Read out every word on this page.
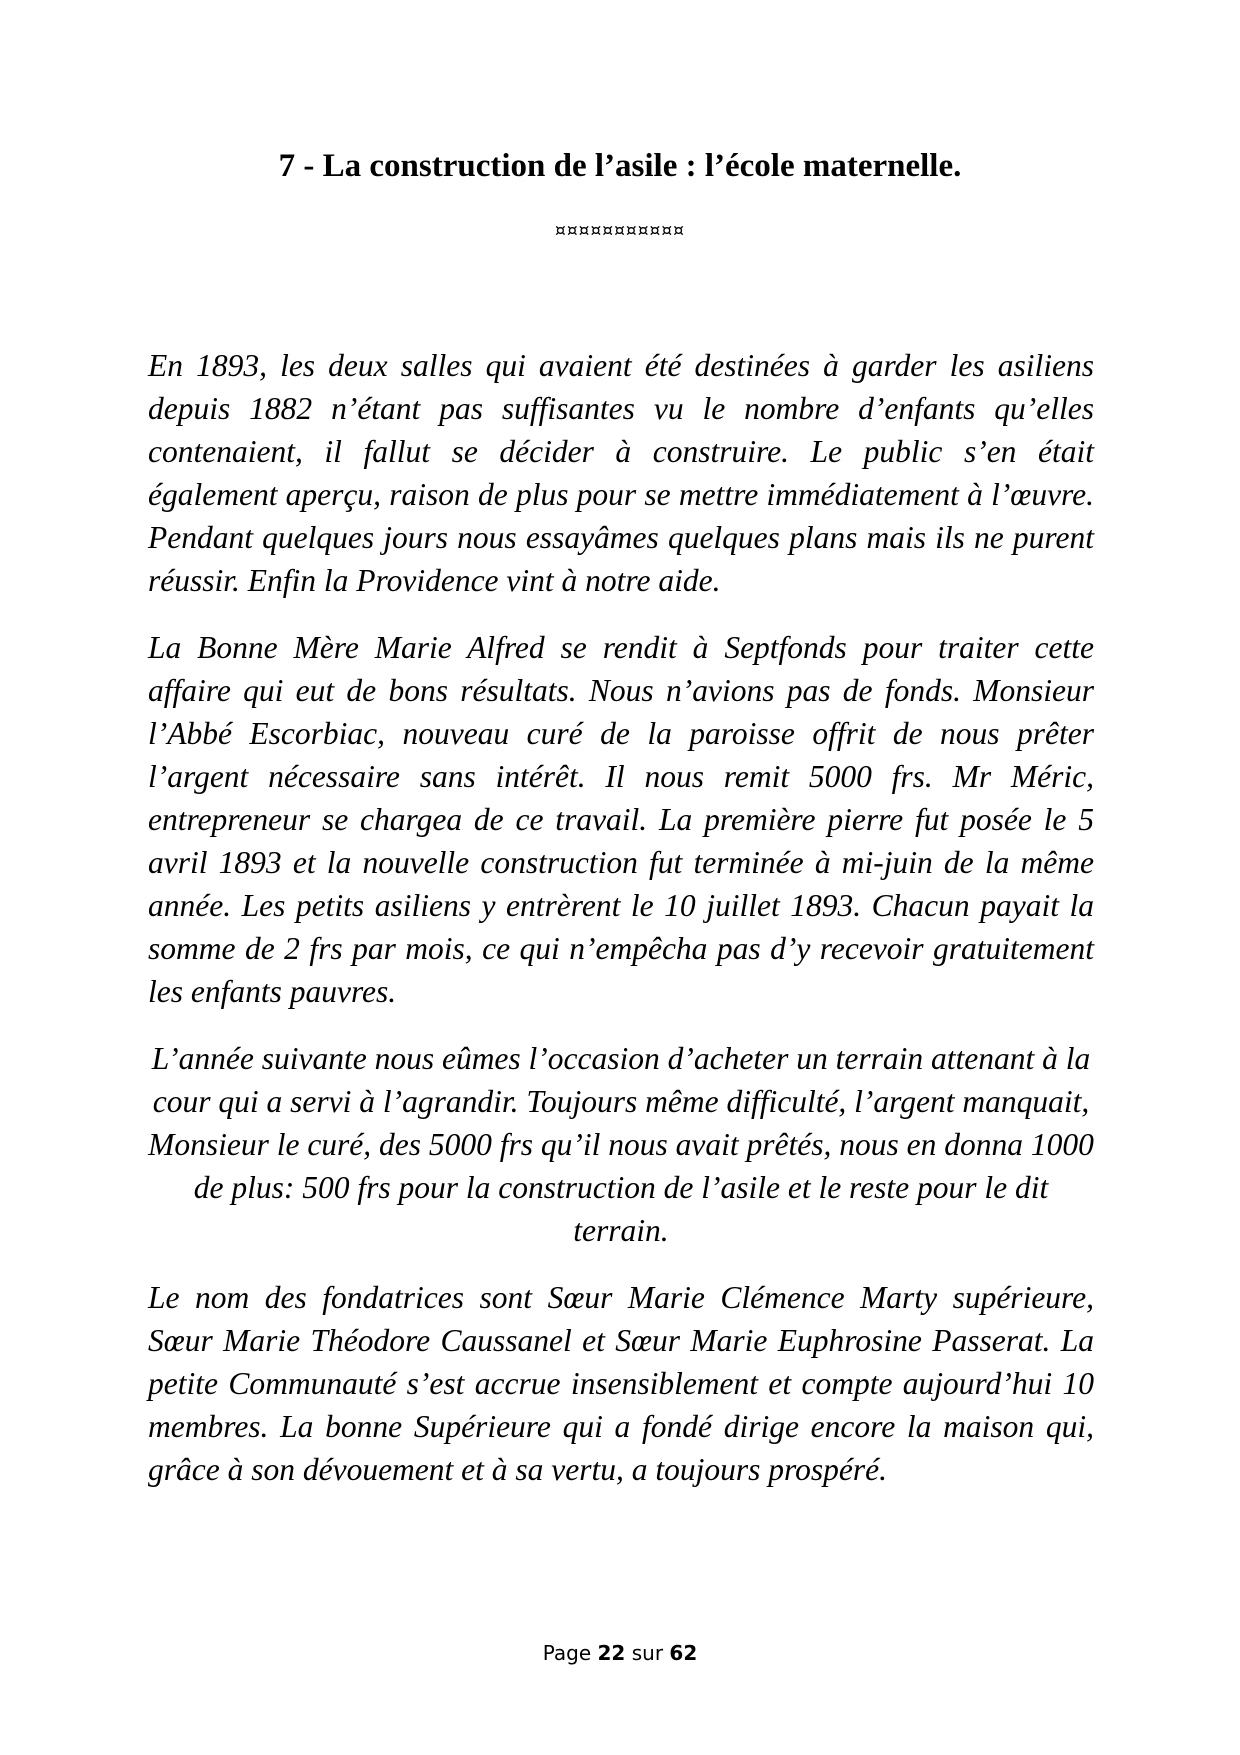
7 - La construction de l’asile : l’école maternelle.
¤¤¤¤¤¤¤¤¤¤¤

En 1893, les deux salles qui avaient été destinées à garder les asiliens depuis 1882 n’étant pas suffisantes vu le nombre d’enfants qu’elles contenaient, il fallut se décider à construire. Le public s’en était également aperçu, raison de plus pour se mettre immédiatement à l’œuvre. Pendant quelques jours nous essayâmes quelques plans mais ils ne purent réussir. Enfin la Providence vint à notre aide.

La Bonne Mère Marie Alfred se rendit à Septfonds pour traiter cette affaire qui eut de bons résultats. Nous n’avions pas de fonds. Monsieur l’Abbé Escorbiac, nouveau curé de la paroisse offrit de nous prêter l’argent nécessaire sans intérêt. Il nous remit 5000 frs. Mr Méric, entrepreneur se chargea de ce travail. La première pierre fut posée le 5 avril 1893 et la nouvelle construction fut terminée à mi-juin de la même année. Les petits asiliens y entrèrent le 10 juillet 1893. Chacun payait la somme de 2 frs par mois, ce qui n’empêcha pas d’y recevoir gratuitement les enfants pauvres.

L’année suivante nous eûmes l’occasion d’acheter un terrain attenant à la cour qui a servi à l’agrandir. Toujours même difficulté, l’argent manquait, Monsieur le curé, des 5000 frs qu’il nous avait prêtés, nous en donna 1000 de plus: 500 frs pour la construction de l’asile et le reste pour le dit terrain.

Le nom des fondatrices sont Sœur Marie Clémence Marty supérieure, Sœur Marie Théodore Caussanel et Sœur Marie Euphrosine Passerat. La petite Communauté s’est accrue insensiblement et compte aujourd’hui 10 membres. La bonne Supérieure qui a fondé dirige encore la maison qui, grâce à son dévouement et à sa vertu, a toujours prospéré.

Page 22 sur 62
